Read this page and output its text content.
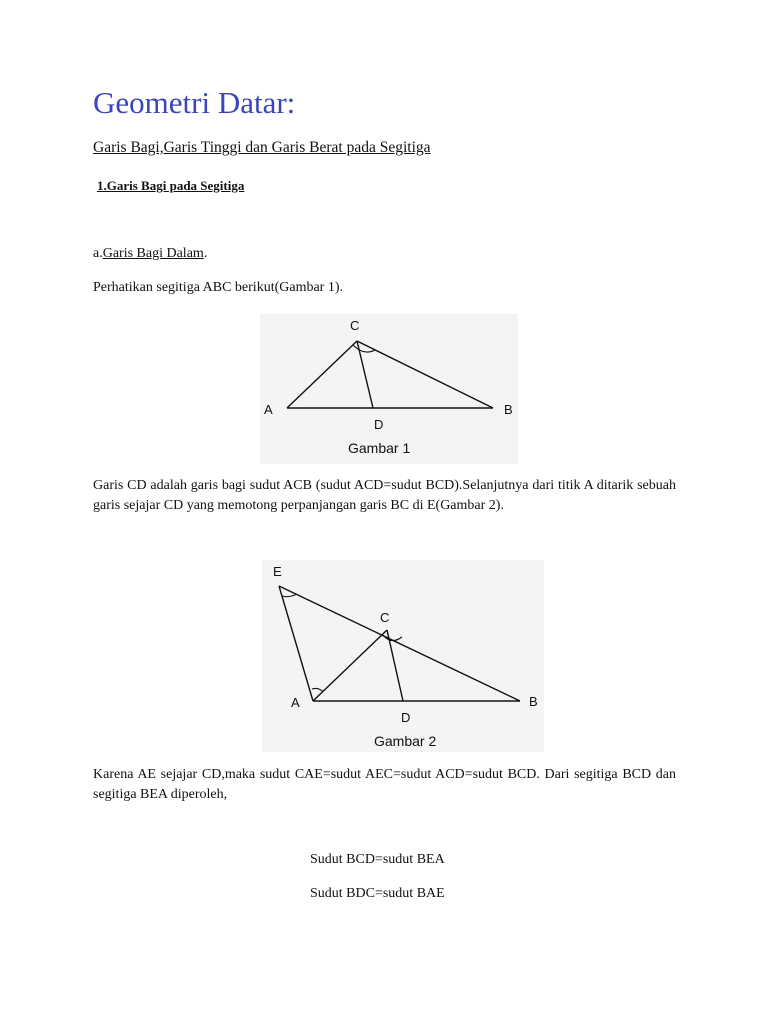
Geometri Datar:
Garis Bagi,Garis Tinggi dan Garis Berat pada Segitiga
1.Garis Bagi pada Segitiga
a.Garis Bagi Dalam.
Perhatikan segitiga ABC berikut(Gambar 1).
C
A	B
D
Gambar 1
Garis CD adalah garis bagi sudut ACB (sudut ACD=sudut BCD).Selanjutnya dari titik A ditarik sebuah garis sejajar CD yang memotong perpanjangan garis BC di E(Gambar 2).
E
C
A	B
D
Gambar 2
Karena AE sejajar CD,maka sudut CAE=sudut AEC=sudut ACD=sudut BCD. Dari segitiga BCD dan segitiga BEA diperoleh,
Sudut BCD=sudut BEA
Sudut BDC=sudut BAE
